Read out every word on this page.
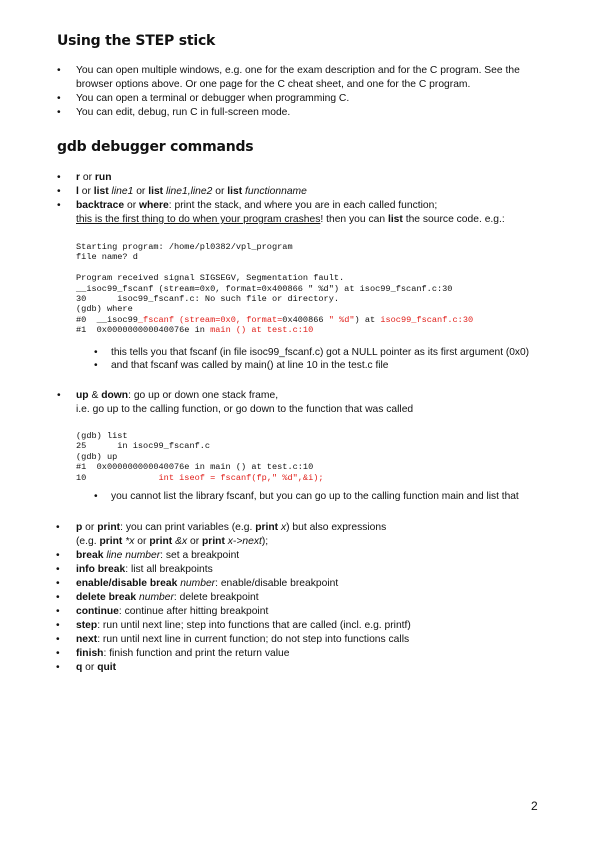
Using the STEP stick
• You can open multiple windows, e.g. one for the exam description and for the C program. See the
browser options above. Or one page for the C cheat sheet, and one for the C program.
• You can open a terminal or debugger when programming C.
• You can edit, debug, run C in full-screen mode.
gdb debugger commands
• r or run
• l or list line1 or list line1,line2 or list functionname
• backtrace or where: print the stack, and where you are in each called function;
this is the first thing to do when your program crashes! then you can list the source code. e.g.:
Starting program: /home/pl0382/vpl_program
file name? d

Program received signal SIGSEGV, Segmentation fault.
__isoc99_fscanf (stream=0x0, format=0x400866 " %d") at isoc99_fscanf.c:30
30      isoc99_fscanf.c: No such file or directory.
(gdb) where
#0  __isoc99_fscanf (stream=0x0, format=0x400866 " %d") at isoc99_fscanf.c:30
#1  0x000000000040076e in main () at test.c:10
• this tells you that fscanf (in file isoc99_fscanf.c) got a NULL pointer as its first argument (0x0)
• and that fscanf was called by main() at line 10 in the test.c file
• up & down: go up or down one stack frame,
i.e. go up to the calling function, or go down to the function that was called
(gdb) list
25      in isoc99_fscanf.c
(gdb) up
#1  0x000000000040076e in main () at test.c:10
10              int iseof = fscanf(fp," %d",&i);
• you cannot list the library fscanf, but you can go up to the calling function main and list that
• p or print: you can print variables (e.g. print x) but also expressions
(e.g. print *x or print &x or print x->next);
• break line number: set a breakpoint
• info break: list all breakpoints
• enable/disable break number: enable/disable breakpoint
• delete break number: delete breakpoint
• continue: continue after hitting breakpoint
• step: run until next line; step into functions that are called (incl. e.g. printf)
• next: run until next line in current function; do not step into functions calls
• finish: finish function and print the return value
• q or quit
2
